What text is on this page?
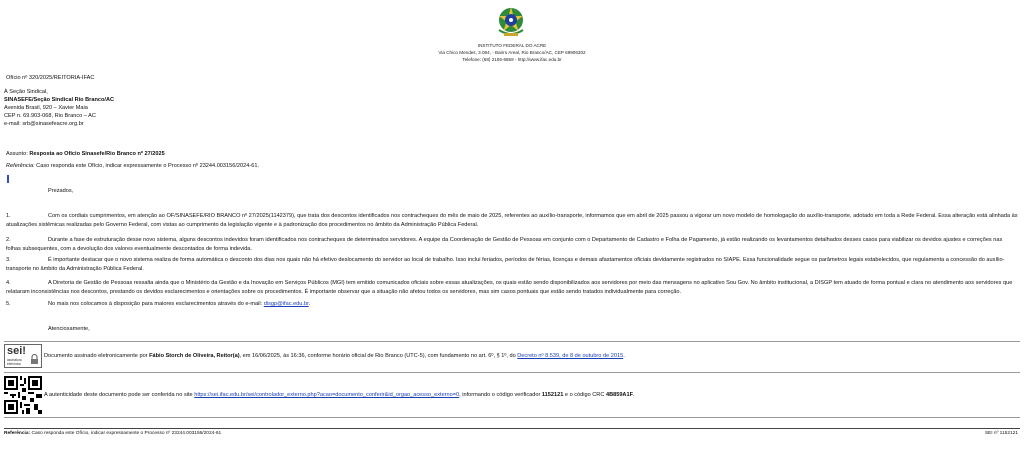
INSTITUTO FEDERAL DO ACRE
Via Chico Mendes, 3.084, - Bairro Areal, Rio Branco/AC, CEP 69906302
Telefone: (68) 2106-6859 - http://www.ifac.edu.br
Ofício nº 320/2025/REITORIA-IFAC
À Seção Sindical,
SINASEFE/Seção Sindical Rio Branco/AC
Avenida Brasil, 920 – Xavier Maia
CEP n. 69.903-068, Rio Branco – AC
e-mail: srb@sinasefeacre.org.br
Assunto: Resposta ao Ofício Sinasefe/Rio Branco nº 27/2025
Referência: Caso responda este Ofício, indicar expressamente o Processo nº 23244.003156/2024-61.
Prezados,
Com os cordiais cumprimentos, em atenção ao OF/SINASEFE/RIO BRANCO nº 27/2025(1142379), que trata dos descontos identificados nos contracheques do mês de maio de 2025, referentes ao auxílio-transporte, informamos que em abril de 2025 passou a vigorar um novo modelo de homologação do auxílio-transporte, adotado em toda a Rede Federal. Essa alteração está alinhada às atualizações sistêmicas realizadas pelo Governo Federal, com vistas ao cumprimento da legislação vigente e à padronização dos procedimentos no âmbito da Administração Pública Federal.
1.
Durante a fase de estruturação desse novo sistema, alguns descontos indevidos foram identificados nos contracheques de determinados servidores. A equipe da Coordenação de Gestão de Pessoas em conjunto com o Departamento de Cadastro e Folha de Pagamento, já estão realizando os levantamentos detalhados desses casos para viabilizar os devidos ajustes e correções nas folhas subsequentes, com a devolução dos valores eventualmente descontados de forma indevida.
2.
É importante destacar que o novo sistema realiza de forma automática o desconto dos dias nos quais não há efetivo deslocamento do servidor ao local de trabalho. Isso inclui feriados, períodos de férias, licenças e demais afastamentos oficiais devidamente registrados no SIAPE. Essa funcionalidade segue os parâmetros legais estabelecidos, que regulamenta a concessão do auxílio-transporte no âmbito da Administração Pública Federal.
3.
A Diretoria de Gestão de Pessoas ressalta ainda que o Ministério da Gestão e da Inovação em Serviços Públicos (MGI) tem emitido comunicados oficiais sobre essas atualizações, os quais estão sendo disponibilizados aos servidores por meio das mensagens no aplicativo Sou Gov. No âmbito institucional, a DISGP tem atuado de forma pontual e clara no atendimento aos servidores que relataram inconsistências nos descontos, prestando os devidos esclarecimentos e orientações sobre os procedimentos. É importante observar que a situação não afetou todos os servidores, mas sim casos pontuais que estão sendo tratados individualmente para correção.
4.
No mais nos colocamos à disposição para maiores esclarecimentos através do e-mail: disgp@ifac.edu.br.
5.
Atenciosamente,
sei!
assinatura
eletrônica
Documento assinado eletronicamente por Fábio Storch de Oliveira, Reitor(a), em 16/06/2025, às 16:36, conforme horário oficial de Rio Branco (UTC-5), com fundamento no art. 6º, § 1º, do Decreto nº 8.539, de 8 de outubro de 2015.
A autenticidade deste documento pode ser conferida no site https://sei.ifac.edu.br/sei/controlador_externo.php?acao=documento_conferir&id_orgao_acesso_externo=0, informando o código verificador 1152121 e o código CRC 4B859A1F.
Referência: Caso responda este Ofício, indicar expressamente o Processo nº 23244.003156/2024-61	SEI nº 1152121
